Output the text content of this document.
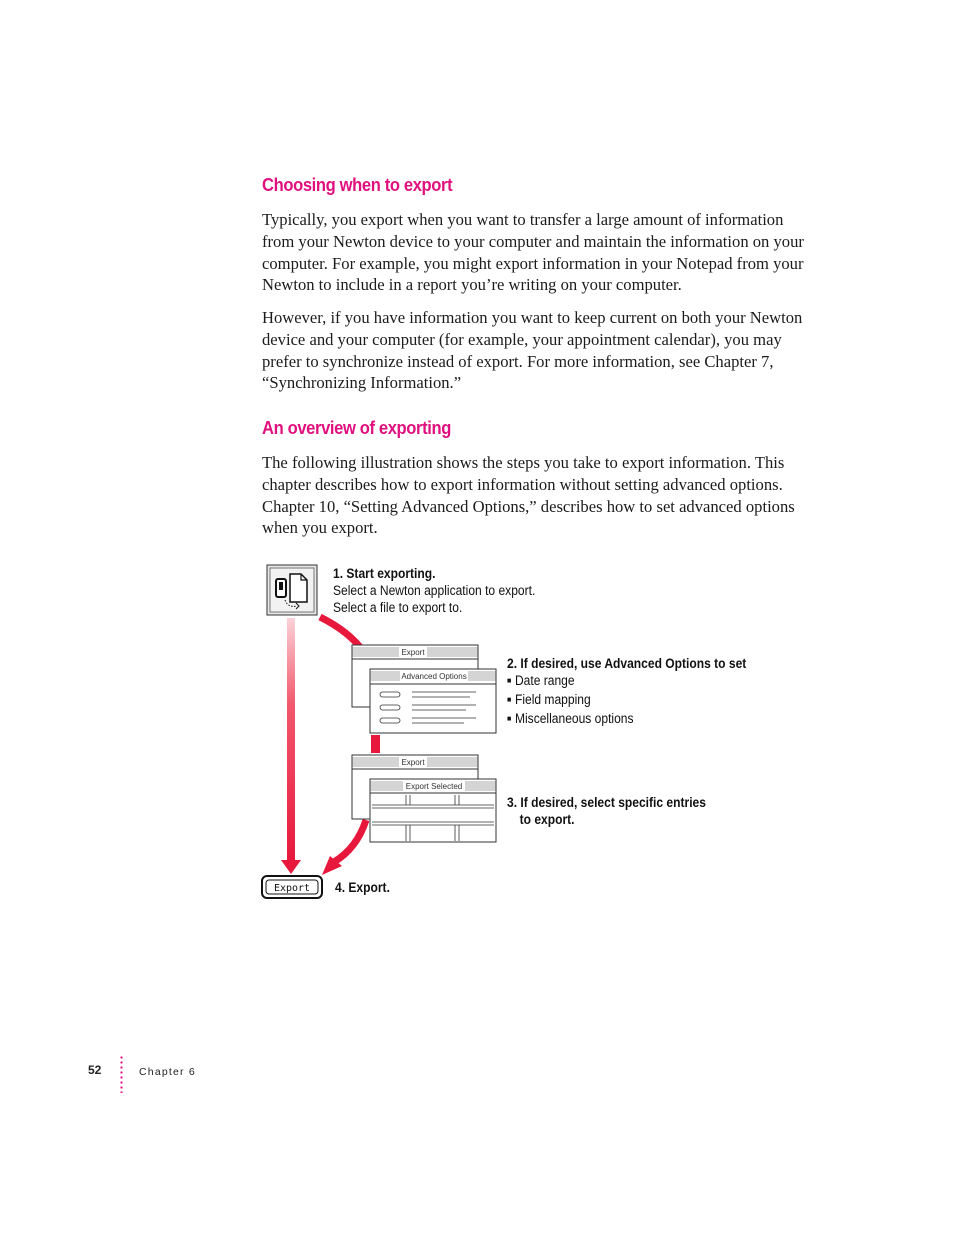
Choosing when to export

Typically, you export when you want to transfer a large amount of information from your Newton device to your computer and maintain the information on your computer. For example, you might export information in your Notepad from your Newton to include in a report you’re writing on your computer.

However, if you have information you want to keep current on both your Newton device and your computer (for example, your appointment calendar), you may prefer to synchronize instead of export. For more information, see Chapter 7, “Synchronizing Information.”

An overview of exporting

The following illustration shows the steps you take to export information. This chapter describes how to export information without setting advanced options. Chapter 10, “Setting Advanced Options,” describes how to set advanced options when you export.

Export
Advanced Options
Export
Export Selected
Export
1. Start exporting.
Select a Newton application to export.
Select a file to export to.
2. If desired, use Advanced Options to set
■ Date range
■ Field mapping
■ Miscellaneous options
3. If desired, select specific entries
to export.
4. Export.
52	Chapter 6
